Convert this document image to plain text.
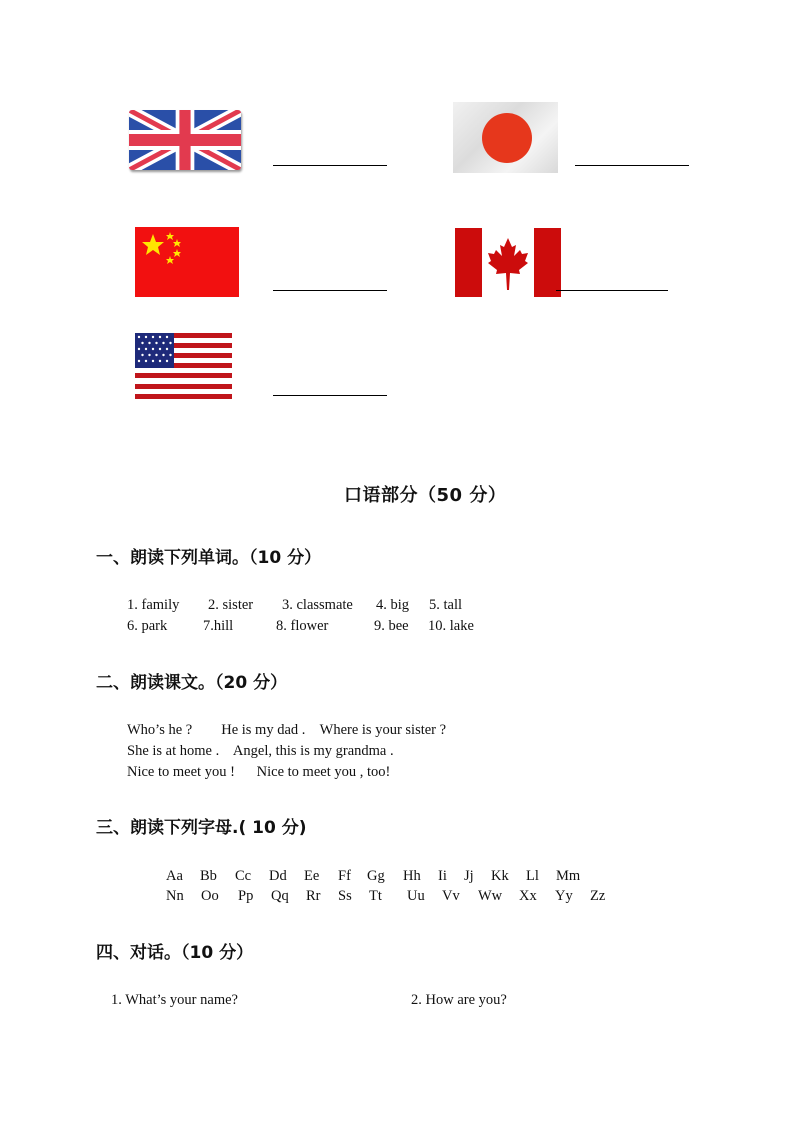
口语部分（50 分）
一、朗读下列单词。（10 分）
1. family 2. sister 3. classmate 4. big 5. tall
6. park 7.hill	8. flower	9. bee 10. lake
二、朗读课文。（20 分）
Who’s he ?        He is my dad .    Where is your sister ?
She is at home .    Angel, this is my grandma .
Nice to meet you !      Nice to meet you , too!
三、朗读下列字母.( 10 分)
Aa Bb Cc Dd Ee Ff Gg Hh Ii Jj Kk Ll Mm
Nn Oo Pp Qq Rr Ss Tt Uu Vv Ww Xx Yy Zz
四、对话。（10 分）
1. What’s your name?	2. How are you?
